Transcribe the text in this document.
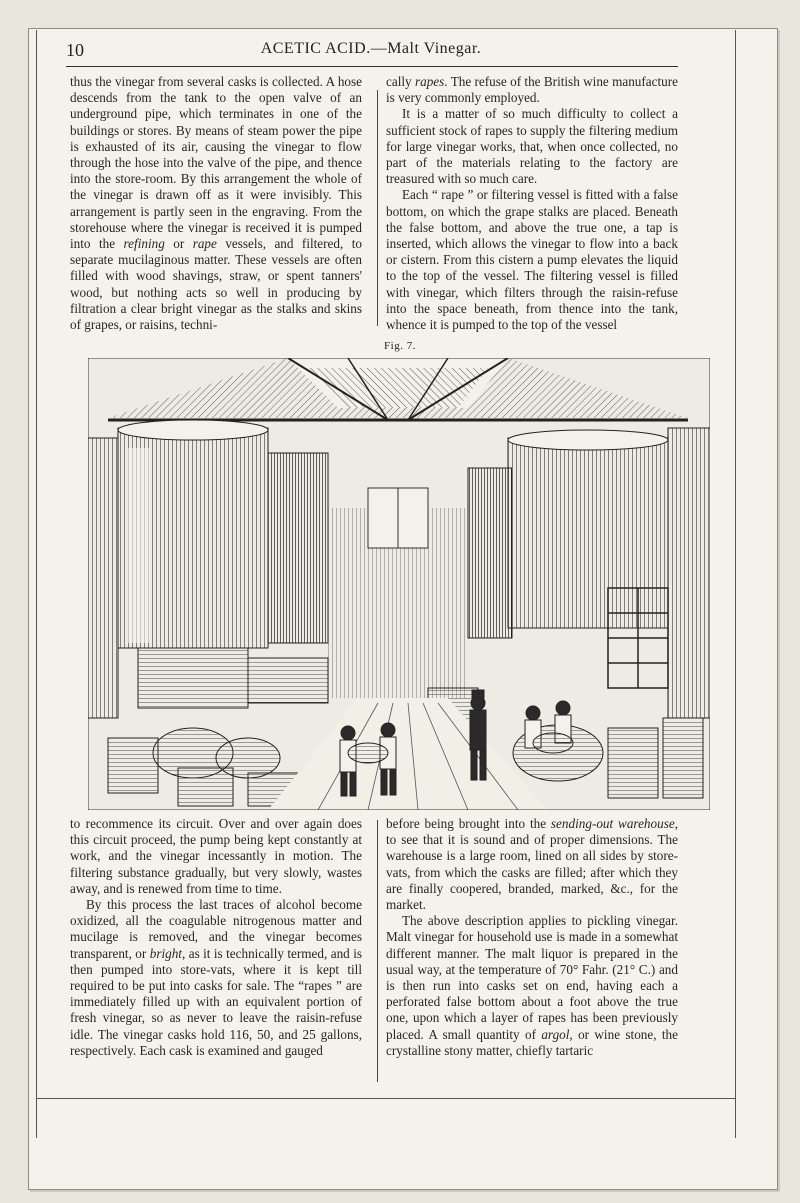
10	ACETIC ACID.—Malt Vinegar.

thus the vinegar from several casks is collected. A hose descends from the tank to the open valve of an underground pipe, which terminates in one of the buildings or stores. By means of steam power the pipe is exhausted of its air, causing the vinegar to flow through the hose into the valve of the pipe, and thence into the store-room. By this arrangement the whole of the vinegar is drawn off as it were invisibly. This arrangement is partly seen in the engraving. From the storehouse where the vinegar is received it is pumped into the refining or rape vessels, and filtered, to separate mucilaginous matter. These vessels are often filled with wood shavings, straw, or spent tanners' wood, but nothing acts so well in producing by filtration a clear bright vinegar as the stalks and skins of grapes, or raisins, techni-

cally rapes. The refuse of the British wine manufacture is very commonly employed.

It is a matter of so much difficulty to collect a sufficient stock of rapes to supply the filtering medium for large vinegar works, that, when once collected, no part of the materials relating to the factory are treasured with so much care.

Each “ rape ” or filtering vessel is fitted with a false bottom, on which the grape stalks are placed. Beneath the false bottom, and above the true one, a tap is inserted, which allows the vinegar to flow into a back or cistern. From this cistern a pump elevates the liquid to the top of the vessel. The filtering vessel is filled with vinegar, which filters through the raisin-refuse into the space beneath, from thence into the tank, whence it is pumped to the top of the vessel

Fig. 7.

to recommence its circuit. Over and over again does this circuit proceed, the pump being kept constantly at work, and the vinegar incessantly in motion. The filtering substance gradually, but very slowly, wastes away, and is renewed from time to time.

By this process the last traces of alcohol become oxidized, all the coagulable nitrogenous matter and mucilage is removed, and the vinegar becomes transparent, or bright, as it is technically termed, and is then pumped into store-vats, where it is kept till required to be put into casks for sale. The “rapes ” are immediately filled up with an equivalent portion of fresh vinegar, so as never to leave the raisin-refuse idle. The vinegar casks hold 116, 50, and 25 gallons, respectively. Each cask is examined and gauged

before being brought into the sending-out warehouse, to see that it is sound and of proper dimensions. The warehouse is a large room, lined on all sides by store-vats, from which the casks are filled; after which they are finally coopered, branded, marked, &c., for the market.

The above description applies to pickling vinegar. Malt vinegar for household use is made in a somewhat different manner. The malt liquor is prepared in the usual way, at the temperature of 70° Fahr. (21° C.) and is then run into casks set on end, having each a perforated false bottom about a foot above the true one, upon which a layer of rapes has been previously placed. A small quantity of argol, or wine stone, the crystalline stony matter, chiefly tartaric
